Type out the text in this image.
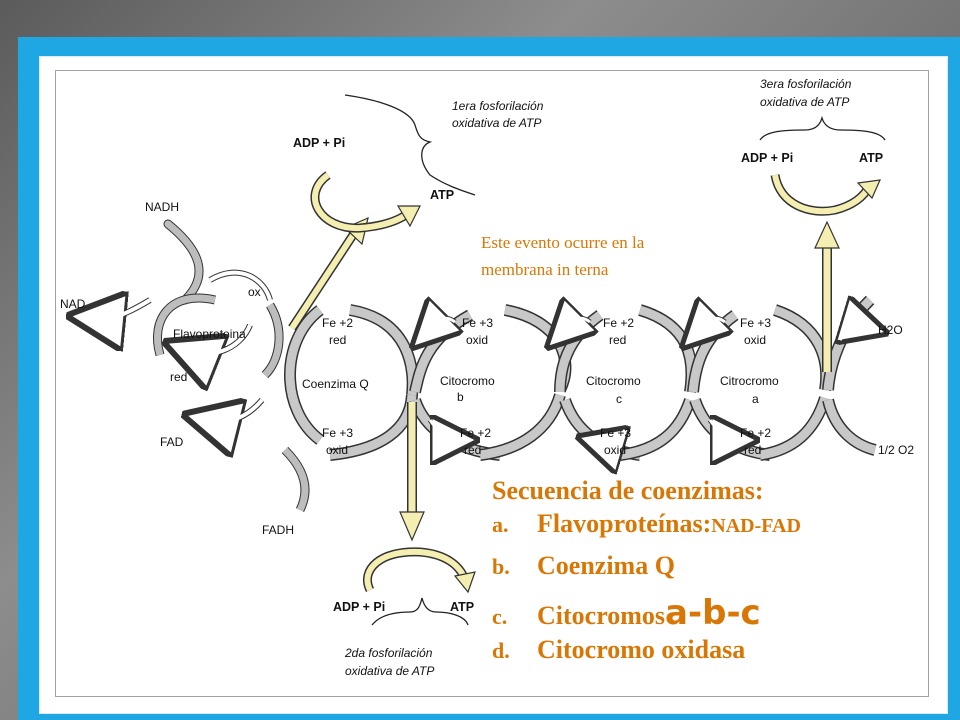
NADH
NAD
ox
Flavoproteina
red
FAD
FADH
Coenzima Q	Citocromo
b
Citocromo
c
Citrocromo
a
Fe +2
red
Fe +3
oxid
Fe +3
oxid
Fe +2
red
Fe +2
red
Fe +3
oxid
Fe +3
oxid
Fe +2
red
H2O
1/2 O2
ADP + Pi
ATP
1era fosforilación
oxidativa de ATP
ADP + Pi	ATP
2da fosforilación
oxidativa de ATP
ADP + Pi	ATP
3era fosforilación
oxidativa de ATP
Este evento ocurre en la
membrana in terna
Secuencia de coenzimas:
a.	Flavoproteínas: NAD-FAD
b.	Coenzima Q
c.	Citocromos a-b-c
d.	Citocromo oxidasa
